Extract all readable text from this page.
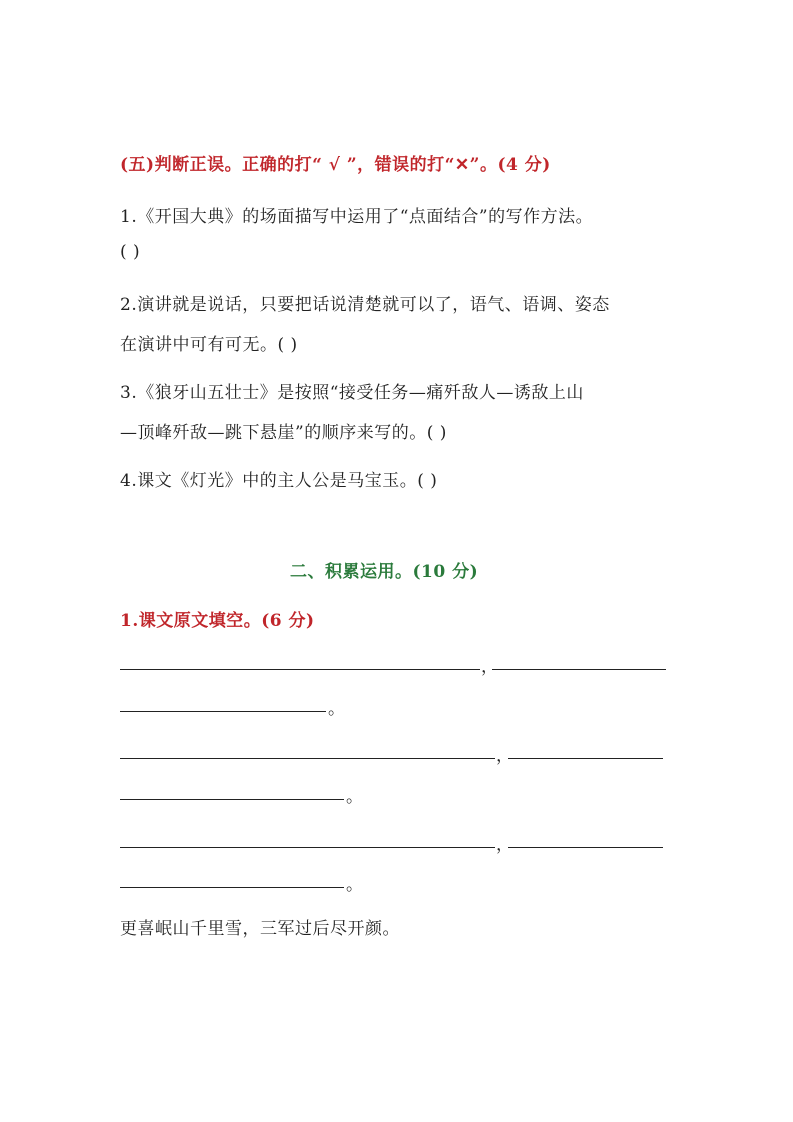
(五)判断正误。正确的打“ √ ”，错误的打“✕”。(4 分)
1.《开国大典》的场面描写中运用了“点面结合”的写作方法。
( )
2.演讲就是说话，只要把话说清楚就可以了，语气、语调、姿态
在演讲中可有可无。( )
3.《狼牙山五壮士》是按照“接受任务—痛歼敌人—诱敌上山
—顶峰歼敌—跳下悬崖”的顺序来写的。( )
4.课文《灯光》中的主人公是马宝玉。( )
二、积累运用。(10 分)
1.课文原文填空。(6 分)
，
。
，
。
，
。
更喜岷山千里雪，三军过后尽开颜。
